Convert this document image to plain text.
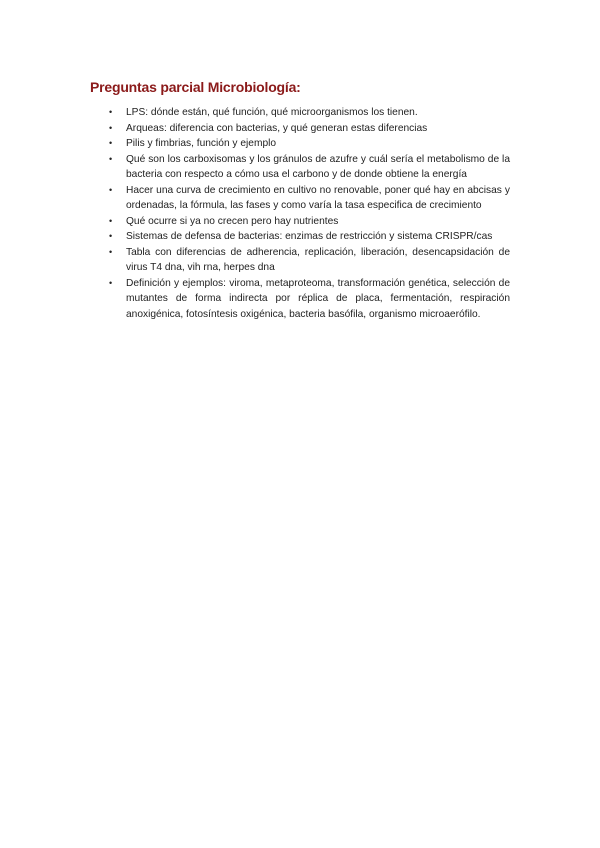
Preguntas parcial Microbiología:
• LPS: dónde están, qué función, qué microorganismos los tienen.
• Arqueas: diferencia con bacterias, y qué generan estas diferencias
• Pilis y fimbrias, función y ejemplo
• Qué son los carboxisomas y los gránulos de azufre y cuál sería el metabolismo de la bacteria con respecto a cómo usa el carbono y de donde obtiene la energía
• Hacer una curva de crecimiento en cultivo no renovable, poner qué hay en abcisas y ordenadas, la fórmula, las fases y como varía la tasa especifica de crecimiento
• Qué ocurre si ya no crecen pero hay nutrientes
• Sistemas de defensa de bacterias: enzimas de restricción y sistema CRISPR/cas
• Tabla con diferencias de adherencia, replicación, liberación, desencapsidación de virus T4 dna, vih rna, herpes dna
• Definición y ejemplos: viroma, metaproteoma, transformación genética, selección de mutantes de forma indirecta por réplica de placa, fermentación, respiración anoxigénica, fotosíntesis oxigénica, bacteria basófila, organismo microaerófilo.
